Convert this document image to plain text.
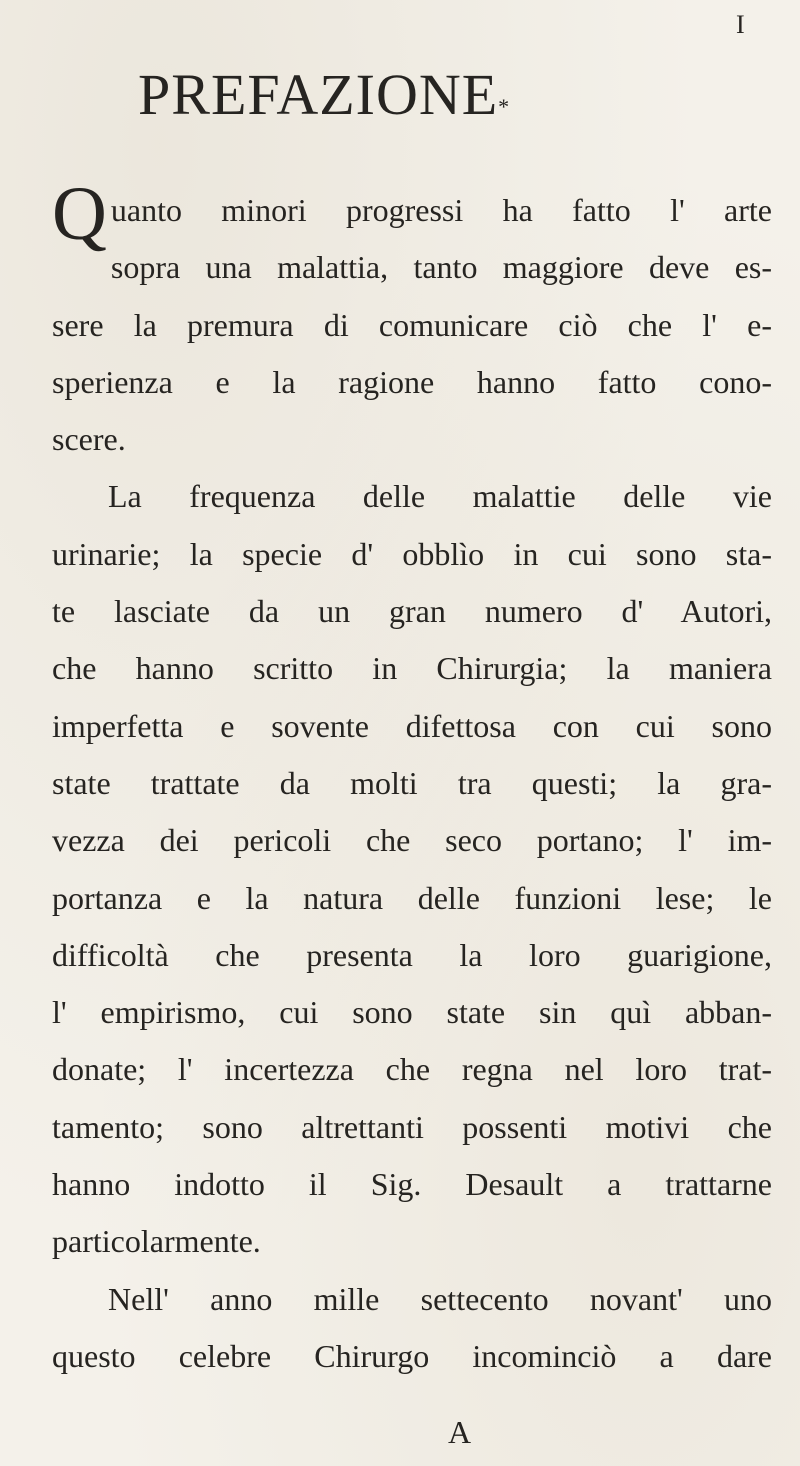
I
PREFAZIONE*
Q uanto minori progressi ha fatto l' arte
sopra una malattia, tanto maggiore deve es-
sere la premura di comunicare ciò che l' e-
sperienza e la ragione hanno fatto cono-
scere.
La frequenza delle malattie delle vie
urinarie; la specie d' obblìo in cui sono sta-
te lasciate da un gran numero d' Autori,
che hanno scritto in Chirurgia; la maniera
imperfetta e sovente difettosa con cui sono
state trattate da molti tra questi; la gra-
vezza dei pericoli che seco portano; l' im-
portanza e la natura delle funzioni lese; le
difficoltà che presenta la loro guarigione,
l' empirismo, cui sono state sin quì abban-
donate; l' incertezza che regna nel loro trat-
tamento; sono altrettanti possenti motivi che
hanno indotto il Sig. Desault a trattarne
particolarmente.
Nell' anno mille settecento novant' uno
questo celebre Chirurgo incominciò a dare
A
